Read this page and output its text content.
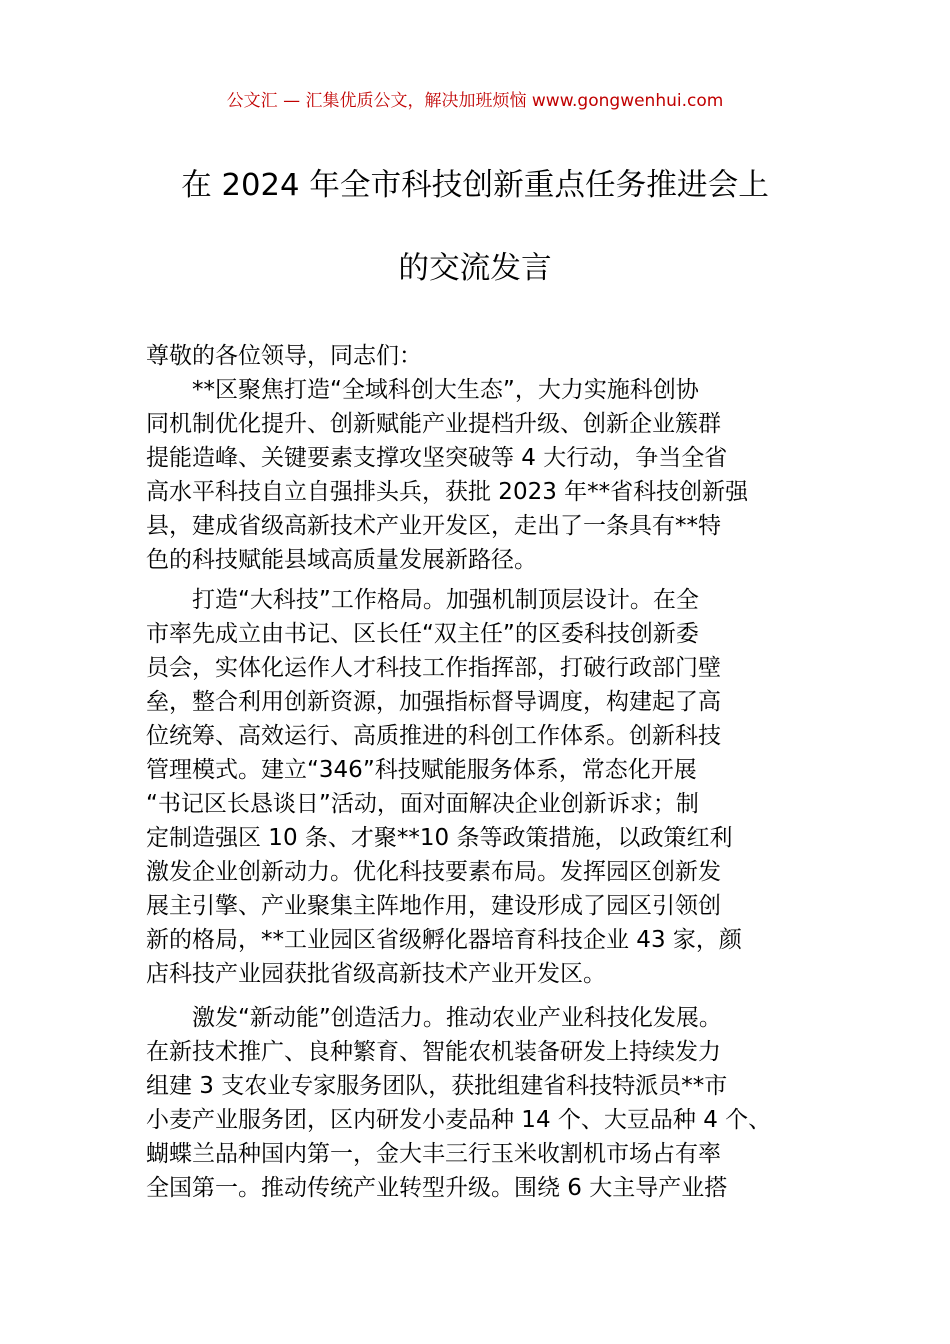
公文汇 — 汇集优质公文，解决加班烦恼 www.gongwenhui.com
在 2024 年全市科技创新重点任务推进会上
的交流发言
尊敬的各位领导，同志们：
　　**区聚焦打造“全域科创大生态”，大力实施科创协
同机制优化提升、创新赋能产业提档升级、创新企业簇群
提能造峰、关键要素支撑攻坚突破等 4 大行动，争当全省
高水平科技自立自强排头兵，获批 2023 年**省科技创新强
县，建成省级高新技术产业开发区，走出了一条具有**特
色的科技赋能县域高质量发展新路径。
　　打造“大科技”工作格局。加强机制顶层设计。在全
市率先成立由书记、区长任“双主任”的区委科技创新委
员会，实体化运作人才科技工作指挥部，打破行政部门壁
垒，整合利用创新资源，加强指标督导调度，构建起了高
位统筹、高效运行、高质推进的科创工作体系。创新科技
管理模式。建立“346”科技赋能服务体系，常态化开展
“书记区长恳谈日”活动，面对面解决企业创新诉求；制
定制造强区 10 条、才聚**10 条等政策措施，以政策红利
激发企业创新动力。优化科技要素布局。发挥园区创新发
展主引擎、产业聚集主阵地作用，建设形成了园区引领创
新的格局，**工业园区省级孵化器培育科技企业 43 家，颜
店科技产业园获批省级高新技术产业开发区。
　　激发“新动能”创造活力。推动农业产业科技化发展。
在新技术推广、良种繁育、智能农机装备研发上持续发力
组建 3 支农业专家服务团队，获批组建省科技特派员**市
小麦产业服务团，区内研发小麦品种 14 个、大豆品种 4 个、
蝴蝶兰品种国内第一，金大丰三行玉米收割机市场占有率
全国第一。推动传统产业转型升级。围绕 6 大主导产业搭
